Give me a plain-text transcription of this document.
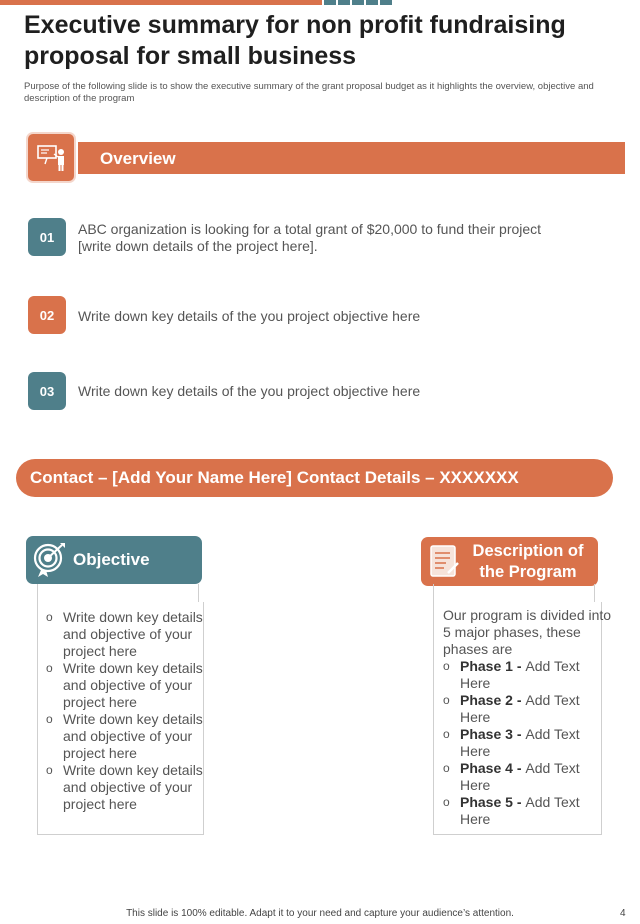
Executive summary for non profit fundraising proposal for small business
Purpose of the following slide is to show the executive summary of the grant proposal budget as it highlights the overview, objective and description of the program
Overview
01	ABC organization is looking for a total grant of $20,000 to fund their project [write down details of the project here].
02	Write down key details of the you project objective here
03	Write down key details of the you project objective here
Contact – [Add Your Name Here] Contact Details – XXXXXXX
Objective
o Write down key details and objective of your project here
o Write down key details and objective of your project here
o Write down key details and objective of your project here
o Write down key details and objective of your project here
Description of the Program
Our program is divided into 5 major phases, these phases are
o Phase 1 - Add Text Here
o Phase 2 - Add Text Here
o Phase 3 - Add Text Here
o Phase 4 - Add Text Here
o Phase 5 - Add Text Here
This slide is 100% editable. Adapt it to your need and capture your audience’s attention.	4
